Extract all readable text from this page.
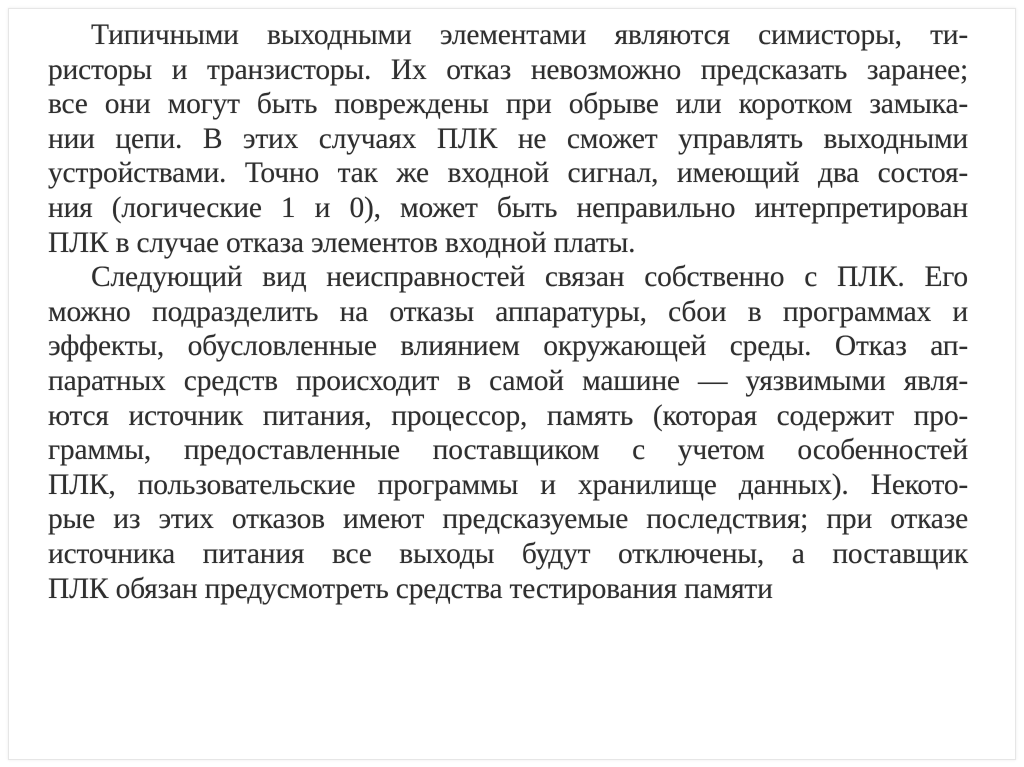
Типичными выходными элементами являются симисторы, ти-
ристоры и транзисторы. Их отказ невозможно предсказать заранее;
все они могут быть повреждены при обрыве или коротком замыка-
нии цепи. В этих случаях ПЛК не сможет управлять выходными
устройствами. Точно так же входной сигнал, имеющий два состоя-
ния (логические 1 и 0), может быть неправильно интерпретирован
ПЛК в случае отказа элементов входной платы.
Следующий вид неисправностей связан собственно с ПЛК. Его
можно подразделить на отказы аппаратуры, сбои в программах и
эффекты, обусловленные влиянием окружающей среды. Отказ ап-
паратных средств происходит в самой машине — уязвимыми явля-
ются источник питания, процессор, память (которая содержит про-
граммы, предоставленные поставщиком с учетом особенностей
ПЛК, пользовательские программы и хранилище данных). Некото-
рые из этих отказов имеют предсказуемые последствия; при отказе
источника питания все выходы будут отключены, а поставщик
ПЛК обязан предусмотреть средства тестирования памяти
